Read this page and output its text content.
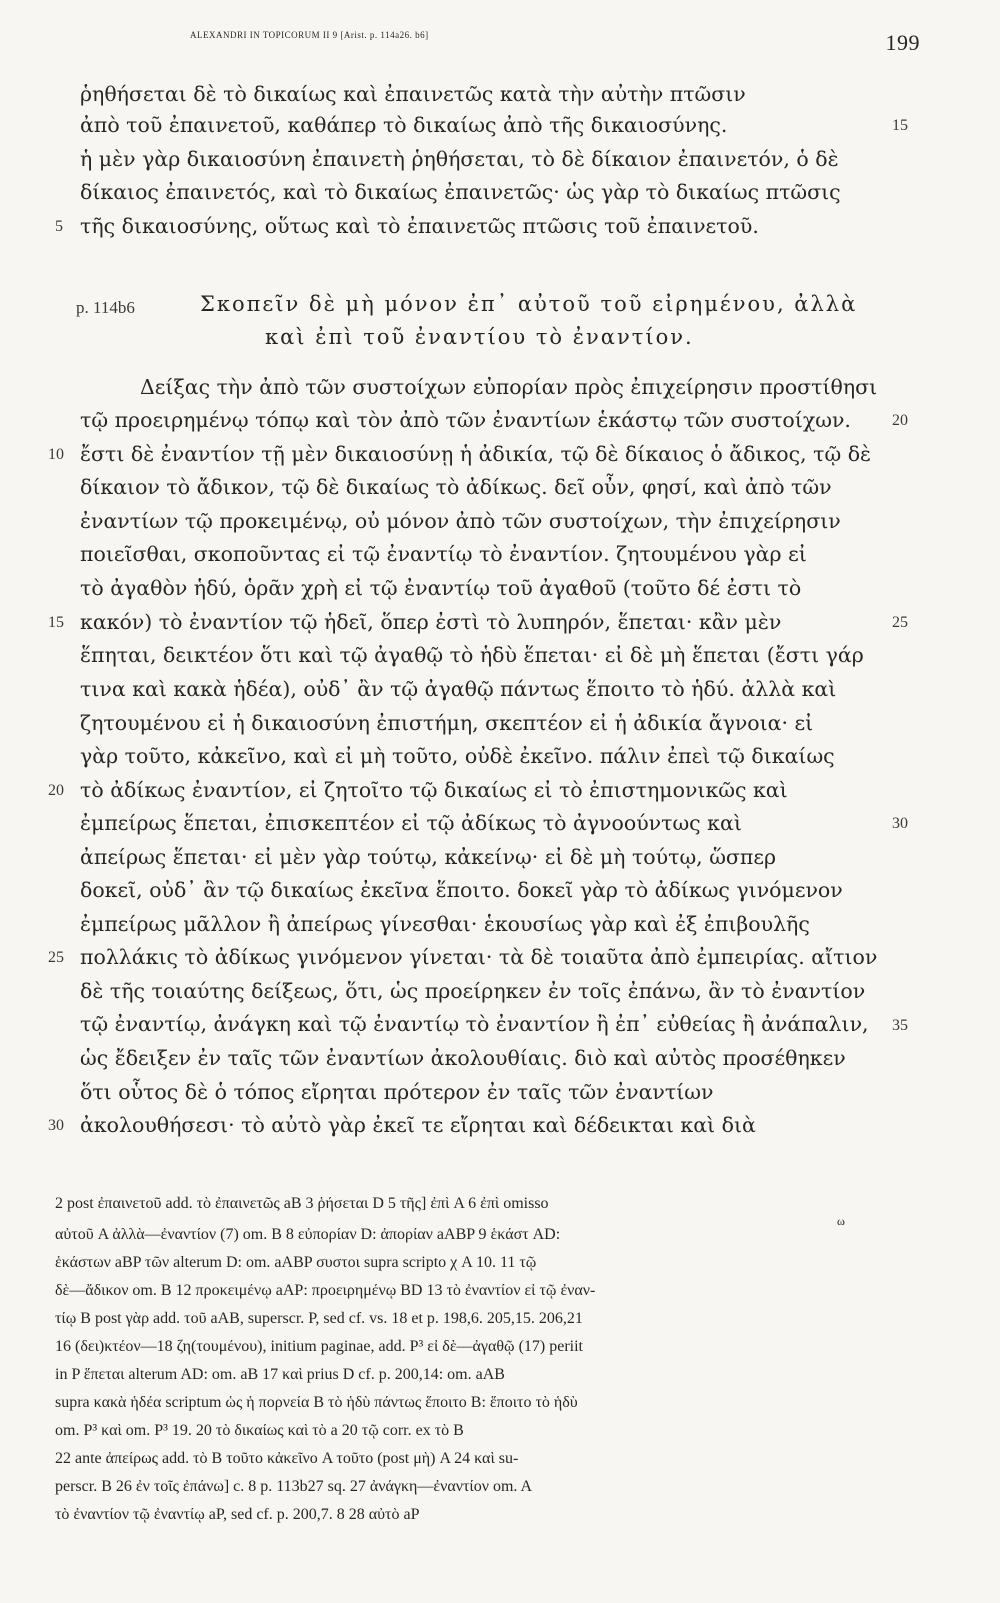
ALEXANDRI IN TOPICORUM II 9 [Arist. p. 114a26. b6]	199
ῥηθήσεται δὲ τὸ δικαίως καὶ ἐπαινετῶς κατὰ τὴν αὐτὴν πτῶσιν
ἀπὸ τοῦ ἐπαινετοῦ, καθάπερ τὸ δικαίως ἀπὸ τῆς δικαιοσύνης.
ἡ μὲν γὰρ δικαιοσύνη ἐπαινετὴ ῥηθήσεται, τὸ δὲ δίκαιον ἐπαινετόν, ὁ δὲ
δίκαιος ἐπαινετός, καὶ τὸ δικαίως ἐπαινετῶς· ὡς γὰρ τὸ δικαίως πτῶσις
τῆς δικαιοσύνης, οὕτως καὶ τὸ ἐπαινετῶς πτῶσις τοῦ ἐπαινετοῦ.
Σκοπεῖν δὲ μὴ μόνον ἐπ᾽ αὐτοῦ τοῦ εἰρημένου, ἀλλὰ
καὶ ἐπὶ τοῦ ἐναντίου τὸ ἐναντίον.
Δείξας τὴν ἀπὸ τῶν συστοίχων εὐπορίαν πρὸς ἐπιχείρησιν προστίθησι
τῷ προειρημένῳ τόπῳ καὶ τὸν ἀπὸ τῶν ἐναντίων ἑκάστῳ τῶν συστοίχων.
ἔστι δὲ ἐναντίον τῇ μὲν δικαιοσύνῃ ἡ ἀδικία, τῷ δὲ δίκαιος ὁ ἄδικος, τῷ δὲ
δίκαιον τὸ ἄδικον, τῷ δὲ δικαίως τὸ ἀδίκως. δεῖ οὖν, φησί, καὶ ἀπὸ τῶν
ἐναντίων τῷ προκειμένῳ, οὐ μόνον ἀπὸ τῶν συστοίχων, τὴν ἐπιχείρησιν
ποιεῖσθαι, σκοποῦντας εἰ τῷ ἐναντίῳ τὸ ἐναντίον. ζητουμένου γὰρ εἰ
τὸ ἀγαθὸν ἡδύ, ὁρᾶν χρὴ εἰ τῷ ἐναντίῳ τοῦ ἀγαθοῦ (τοῦτο δέ ἐστι τὸ
κακόν) τὸ ἐναντίον τῷ ἡδεῖ, ὅπερ ἐστὶ τὸ λυπηρόν, ἕπεται· κἂν μὲν
ἕπηται, δεικτέον ὅτι καὶ τῷ ἀγαθῷ τὸ ἡδὺ ἕπεται· εἰ δὲ μὴ ἕπεται (ἔστι γάρ
τινα καὶ κακὰ ἡδέα), οὐδ᾽ ἂν τῷ ἀγαθῷ πάντως ἕποιτο τὸ ἡδύ. ἀλλὰ καὶ
ζητουμένου εἰ ἡ δικαιοσύνη ἐπιστήμη, σκεπτέον εἰ ἡ ἀδικία ἄγνοια· εἰ
γὰρ τοῦτο, κἀκεῖνο, καὶ εἰ μὴ τοῦτο, οὐδὲ ἐκεῖνο. πάλιν ἐπεὶ τῷ δικαίως
τὸ ἀδίκως ἐναντίον, εἰ ζητοῖτο τῷ δικαίως εἰ τὸ ἐπιστημονικῶς καὶ
ἐμπείρως ἕπεται, ἐπισκεπτέον εἰ τῷ ἀδίκως τὸ ἀγνοούντως καὶ
ἀπείρως ἕπεται· εἰ μὲν γὰρ τούτῳ, κἀκείνῳ· εἰ δὲ μὴ τούτῳ, ὥσπερ
δοκεῖ, οὐδ᾽ ἂν τῷ δικαίως ἐκεῖνα ἕποιτο. δοκεῖ γὰρ τὸ ἀδίκως γινόμενον
ἐμπείρως μᾶλλον ἢ ἀπείρως γίνεσθαι· ἑκουσίως γὰρ καὶ ἐξ ἐπιβουλῆς
πολλάκις τὸ ἀδίκως γινόμενον γίνεται· τὰ δὲ τοιαῦτα ἀπὸ ἐμπειρίας. αἴτιον
δὲ τῆς τοιαύτης δείξεως, ὅτι, ὡς προείρηκεν ἐν τοῖς ἐπάνω, ἂν τὸ ἐναντίον
τῷ ἐναντίῳ, ἀνάγκη καὶ τῷ ἐναντίῳ τὸ ἐναντίον ἢ ἐπ᾽ εὐθείας ἢ ἀνάπαλιν,
ὡς ἔδειξεν ἐν ταῖς τῶν ἐναντίων ἀκολουθίαις. διὸ καὶ αὐτὸς προσέθηκεν
ὅτι οὗτος δὲ ὁ τόπος εἴρηται πρότερον ἐν ταῖς τῶν ἐναντίων
ἀκολουθήσεσι· τὸ αὐτὸ γὰρ ἐκεῖ τε εἴρηται καὶ δέδεικται καὶ διὰ
5
10
15
20
25
30
15
20
25
30
35
p. 114b6
2 post ἐπαινετοῦ add. τὸ ἐπαινετῶς aB 3 ῥήσεται D 5 τῆς] ἐπὶ A 6 ἐπὶ omisso
ω
αὐτοῦ A ἀλλὰ—ἐναντίον (7) om. B 8 εὐπορίαν D: ἀπορίαν aABP 9 ἑκάστ AD:
ἑκάστων aBP τῶν alterum D: om. aABP συστοι supra scripto χ A 10. 11 τῷ
δὲ—ἄδικον om. B 12 προκειμένῳ aAP: προειρημένῳ BD 13 τὸ ἐναντίον εἰ τῷ ἐναν-
τίῳ B post γὰρ add. τοῦ aAB, superscr. P, sed cf. vs. 18 et p. 198,6. 205,15. 206,21
16 (δει)κτέον—18 ζη(τουμένου), initium paginae, add. P³ εἰ δὲ—ἀγαθῷ (17) periit
in P ἕπεται alterum AD: om. aB 17 καὶ prius D cf. p. 200,14: om. aAB
supra κακὰ ἡδέα scriptum ὡς ἡ πορνεία B τὸ ἡδὺ πάντως ἕποιτο B: ἕποιτο τὸ ἡδὺ
om. P³ καὶ om. P³ 19. 20 τὸ δικαίως καὶ τὸ a 20 τῷ corr. ex τὸ B
22 ante ἀπείρως add. τὸ B τοῦτο κἀκεῖνο A τοῦτο (post μὴ) A 24 καὶ su-
perscr. B 26 ἐν τοῖς ἐπάνω] c. 8 p. 113b27 sq. 27 ἀνάγκη—ἐναντίον om. A
τὸ ἐναντίον τῷ ἐναντίῳ aP, sed cf. p. 200,7. 8 28 αὐτὸ aP
